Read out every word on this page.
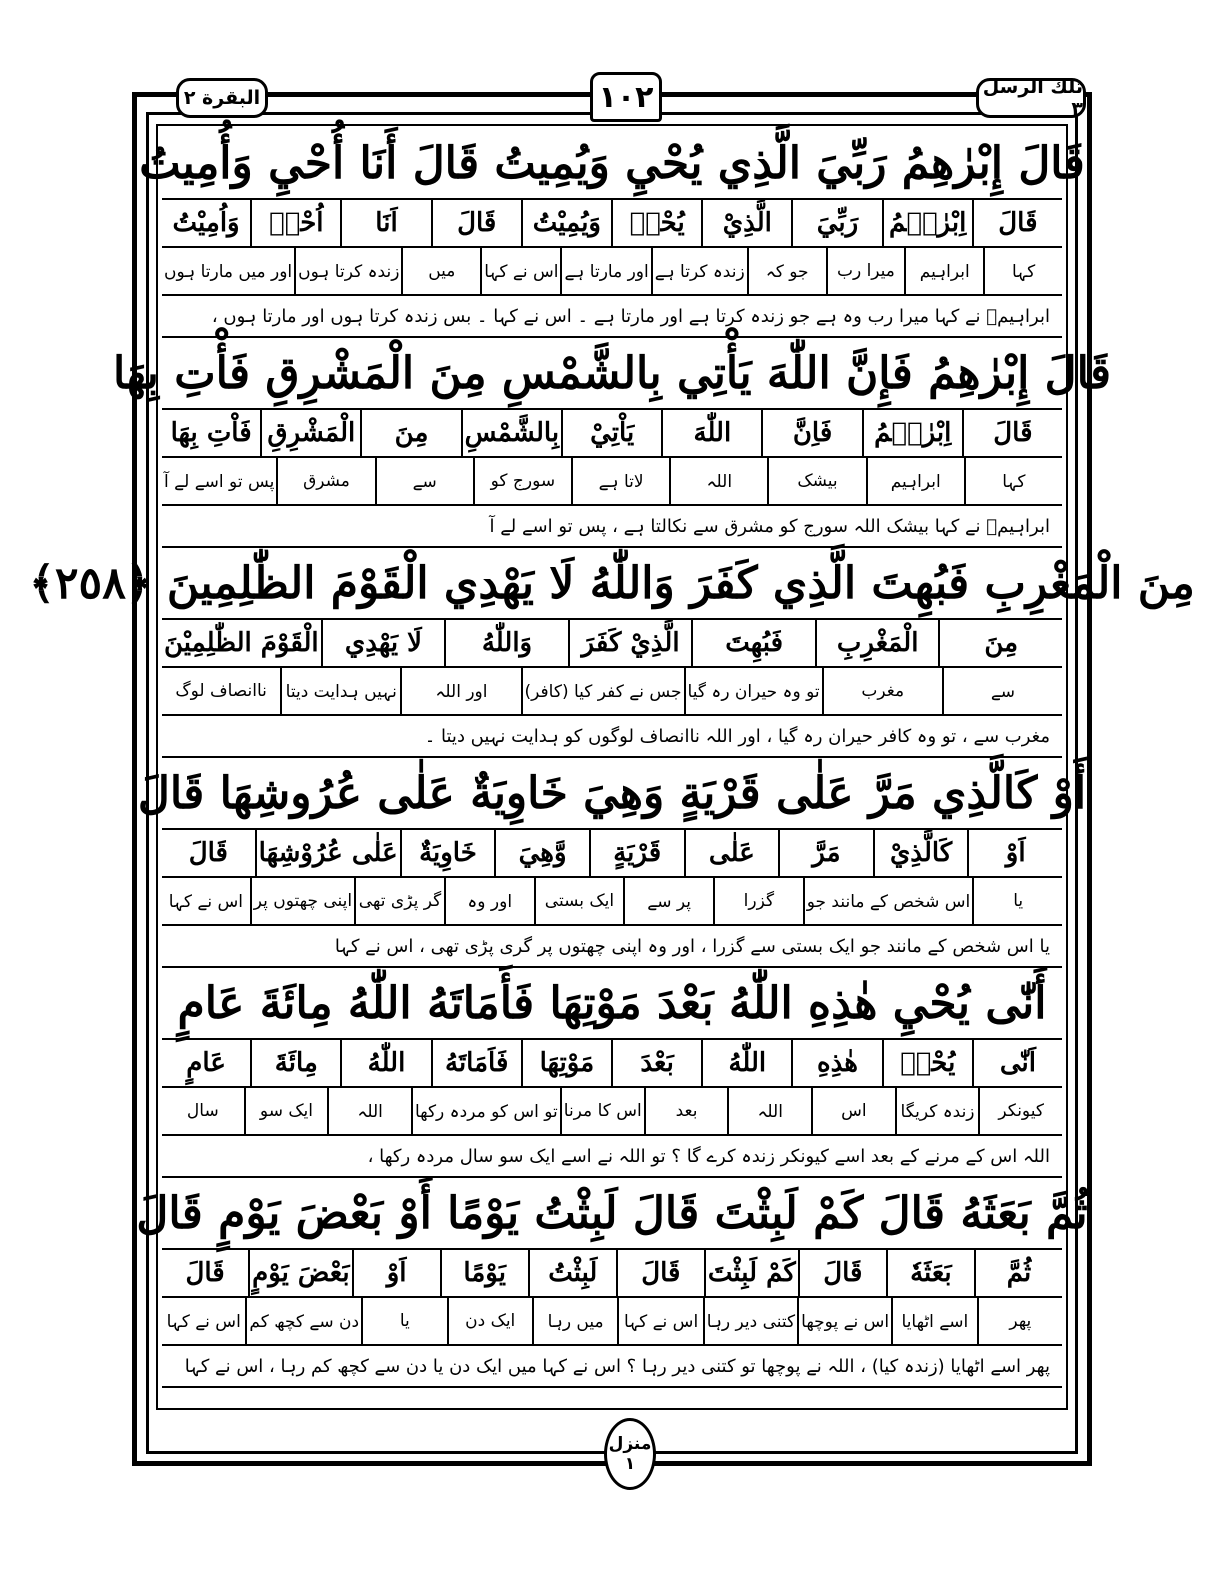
البقرة ٢	١٠٢	تلك الرسل ٣
قَالَ إِبْرٰهِمُ رَبِّيَ الَّذِي يُحْيِ وَيُمِيتُ قَالَ أَنَا أُحْيِ وَأُمِيتُ
قَالَ
اِبْرٰهٖمُ
رَبِّيَ
الَّذِيْ
يُحْيٖ
وَيُمِيْتُ
قَالَ
اَنَا
اُحْيٖ
وَاُمِيْتُ
کہا
ابراہیم
میرا رب
جو کہ
زندہ کرتا ہے
اور مارتا ہے
اس نے کہا
میں
زندہ کرتا ہوں
اور میں مارتا ہوں
ابراہیمؑ نے کہا میرا رب وہ ہے جو زندہ کرتا ہے اور مارتا ہے ۔ اس نے کہا ۔ بس زندہ کرتا ہوں اور مارتا ہوں ،
قَالَ إِبْرٰهِمُ فَإِنَّ اللّٰهَ يَأْتِي بِالشَّمْسِ مِنَ الْمَشْرِقِ فَأْتِ بِهَا
قَالَ
اِبْرٰهٖمُ
فَاِنَّ
اللّٰهَ
يَاْتِيْ
بِالشَّمْسِ
مِنَ
الْمَشْرِقِ
فَاْتِ بِهَا
کہا
ابراہیم
بیشک
اللہ
لاتا ہے
سورج کو
سے
مشرق
پس تو اسے لے آ
ابراہیمؑ نے کہا بیشک اللہ سورج کو مشرق سے نکالتا ہے ، پس تو اسے لے آ
مِنَ الْمَغْرِبِ فَبُهِتَ الَّذِي كَفَرَ وَاللّٰهُ لَا يَهْدِي الْقَوْمَ الظّٰلِمِينَ ﴿٢٥٨﴾
مِنَ
الْمَغْرِبِ
فَبُهِتَ
الَّذِيْ كَفَرَ
وَاللّٰهُ
لَا يَهْدِي
الْقَوْمَ الظّٰلِمِيْنَ
سے
مغرب
تو وہ حیران رہ گیا
جس نے کفر کیا (کافر)
اور اللہ
نہیں ہدایت دیتا
ناانصاف لوگ
مغرب سے ، تو وہ کافر حیران رہ گیا ، اور اللہ ناانصاف لوگوں کو ہدایت نہیں دیتا ۔
أَوْ كَالَّذِي مَرَّ عَلٰى قَرْيَةٍ وَهِيَ خَاوِيَةٌ عَلٰى عُرُوشِهَا قَالَ
اَوْ
كَالَّذِيْ
مَرَّ
عَلٰى
قَرْيَةٍ
وَّهِيَ
خَاوِيَةٌ
عَلٰى عُرُوْشِهَا
قَالَ
یا
اس شخص کے مانند جو
گزرا
پر سے
ایک بستی
اور وہ
گر پڑی تھی
اپنی چھتوں پر
اس نے کہا
یا اس شخص کے مانند جو ایک بستی سے گزرا ، اور وہ اپنی چھتوں پر گری پڑی تھی ، اس نے کہا
أَنّٰى يُحْيِ هٰذِهِ اللّٰهُ بَعْدَ مَوْتِهَا فَأَمَاتَهُ اللّٰهُ مِائَةَ عَامٍ
اَنّٰى
يُحْيٖ
هٰذِهِ
اللّٰهُ
بَعْدَ
مَوْتِهَا
فَاَمَاتَهُ
اللّٰهُ
مِائَةَ
عَامٍ
کیونکر
زندہ کریگا
اس
اللہ
بعد
اس کا مرنا
تو اس کو مردہ رکھا
اللہ
ایک سو
سال
اللہ اس کے مرنے کے بعد اسے کیونکر زندہ کرے گا ؟ تو اللہ نے اسے ایک سو سال مردہ رکھا ،
ثُمَّ بَعَثَهُ قَالَ كَمْ لَبِثْتَ قَالَ لَبِثْتُ يَوْمًا أَوْ بَعْضَ يَوْمٍ قَالَ
ثُمَّ
بَعَثَهٗ
قَالَ
كَمْ لَبِثْتَ
قَالَ
لَبِثْتُ
يَوْمًا
اَوْ
بَعْضَ يَوْمٍ
قَالَ
پھر
اسے اٹھایا
اس نے پوچھا
کتنی دیر رہا
اس نے کہا
میں رہا
ایک دن
یا
دن سے کچھ کم
اس نے کہا
پھر اسے اٹھایا (زندہ کیا) ، اللہ نے پوچھا تو کتنی دیر رہا ؟ اس نے کہا میں ایک دن یا دن سے کچھ کم رہا ، اس نے کہا
منزل
١
